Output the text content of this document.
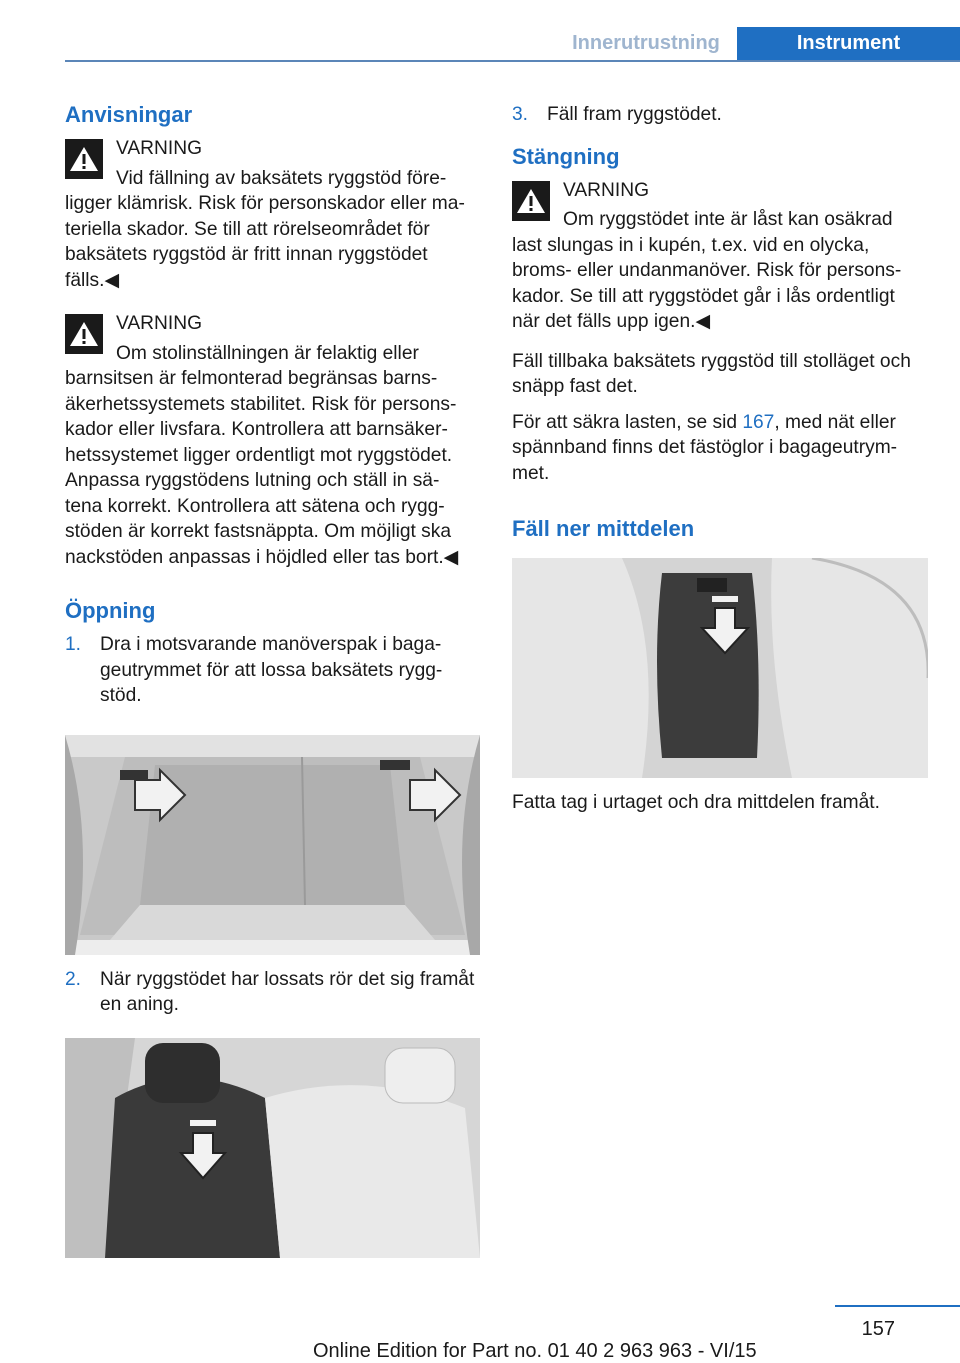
Innerutrustning	Instrument
Anvisningar

VARNING

Vid fällning av baksätets ryggstöd före‐

ligger klämrisk. Risk för personskador eller ma‐ teriella skador. Se till att rörelseområdet för baksätets ryggstöd är fritt innan ryggstödet fälls.◀

VARNING

Om stolinställningen är felaktig eller

barnsitsen är felmonterad begränsas barns‐ äkerhetssystemets stabilitet. Risk för persons‐ kador eller livsfara. Kontrollera att barnsäker‐ hetssystemet ligger ordentligt mot ryggstödet. Anpassa ryggstödens lutning och ställ in sä‐ tena korrekt. Kontrollera att sätena och rygg‐ stöden är korrekt fastsnäppta. Om möjligt ska nackstöden anpassas i höjdled eller tas bort.◀

Öppning
1. Dra i motsvarande manöverspak i baga‐ geutrymmet för att lossa baksätets rygg‐ stöd.
2. När ryggstödet har lossats rör det sig framåt en aning.
3. Fäll fram ryggstödet.
Stängning

VARNING

Om ryggstödet inte är låst kan osäkrad

last slungas in i kupén, t.ex. vid en olycka, broms- eller undanmanöver. Risk för persons‐ kador. Se till att ryggstödet går i lås ordentligt när det fälls upp igen.◀

Fäll tillbaka baksätets ryggstöd till stolläget och snäpp fast det.

För att säkra lasten, se sid 167, med nät eller spännband finns det fästöglor i bagageutrym‐ met.

Fäll ner mittdelen

Fatta tag i urtaget och dra mittdelen framåt.

157
Online Edition for Part no. 01 40 2 963 963 - VI/15
